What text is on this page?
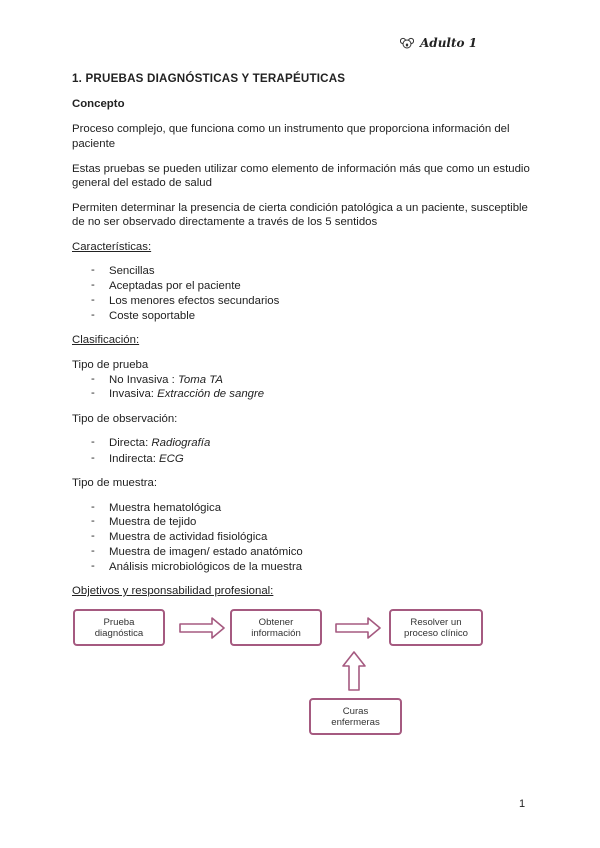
Adulto 1
1. PRUEBAS DIAGNÓSTICAS Y TERAPÉUTICAS
Concepto
Proceso complejo, que funciona como un instrumento que proporciona información del
paciente
Estas pruebas se pueden utilizar como elemento de información más que como un estudio
general del estado de salud
Permiten determinar la presencia de cierta condición patológica a un paciente, susceptible
de no ser observado directamente a través de los 5 sentidos
Características:
- Sencillas
- Aceptadas por el paciente
- Los menores efectos secundarios
- Coste soportable
Clasificación:
Tipo de prueba
- No Invasiva : Toma TA
- Invasiva: Extracción de sangre
Tipo de observación:
- Directa: Radiografía
- Indirecta: ECG
Tipo de muestra:
- Muestra hematológica
- Muestra de tejido
- Muestra de actividad fisiológica
- Muestra de imagen/ estado anatómico
- Análisis microbiológicos de la muestra
Objetivos y responsabilidad profesional:
Prueba
diagnóstica
Obtener
información
Resolver un
proceso clínico
Curas
enfermeras
1
